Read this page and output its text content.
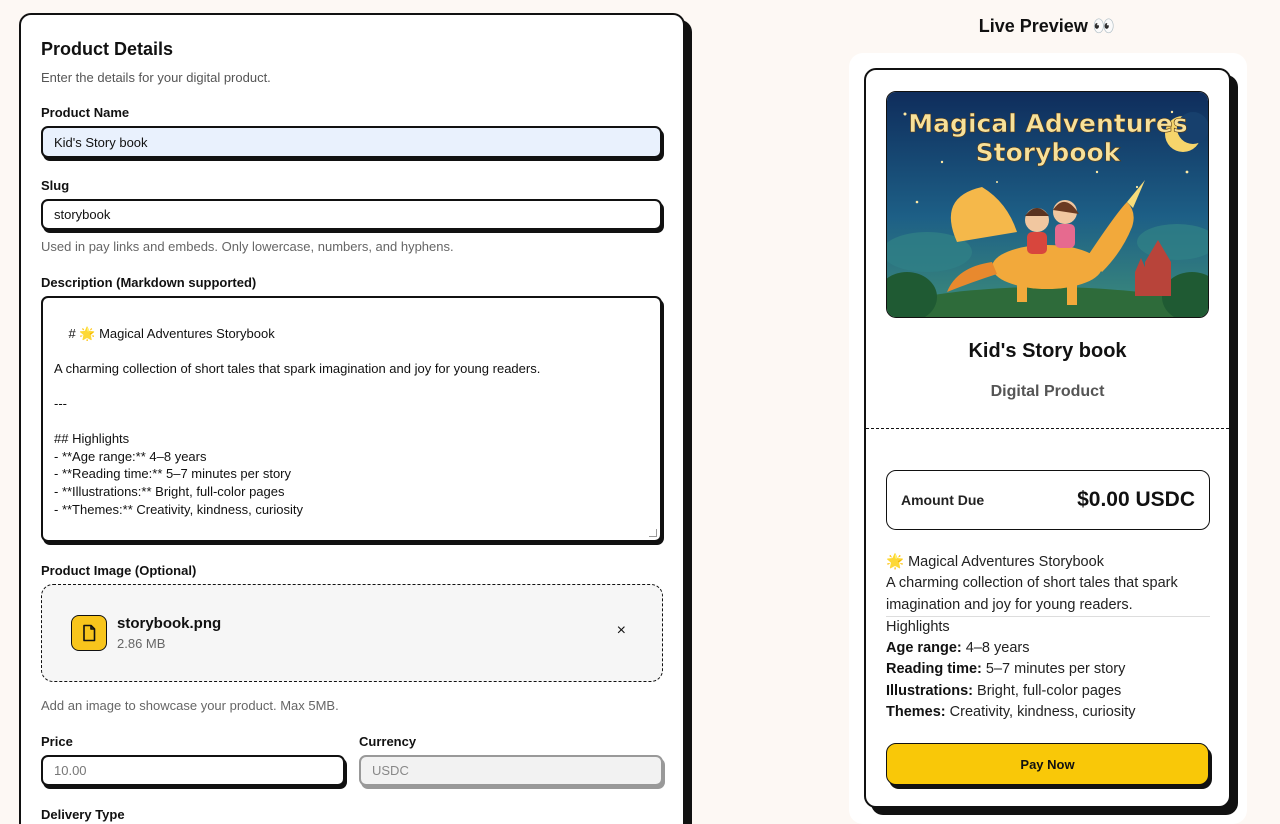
Product Details
Enter the details for your digital product.
Product Name
Kid's Story book
Slug
storybook
Used in pay links and embeds. Only lowercase, numbers, and hyphens.
Description (Markdown supported)

# 🌟 Magical Adventures Storybook

A charming collection of short tales that spark imagination and joy for young readers.

---

## Highlights
- **Age range:** 4–8 years
- **Reading time:** 5–7 minutes per story
- **Illustrations:** Bright, full-color pages
- **Themes:** Creativity, kindness, curiosity

Product Image (Optional)
storybook.png
2.86 MB
×
Add an image to showcase your product. Max 5MB.
Price
10.00
Currency
USDC
Delivery Type
Live Preview 👀
Magical Adventures
Storybook
Kid's Story book
Digital Product
Amount Due	$0.00 USDC
🌟 Magical Adventures Storybook
A charming collection of short tales that spark imagination and joy for young readers.
Highlights
Age range: 4–8 years
Reading time: 5–7 minutes per story
Illustrations: Bright, full-color pages
Themes: Creativity, kindness, curiosity
Pay Now
